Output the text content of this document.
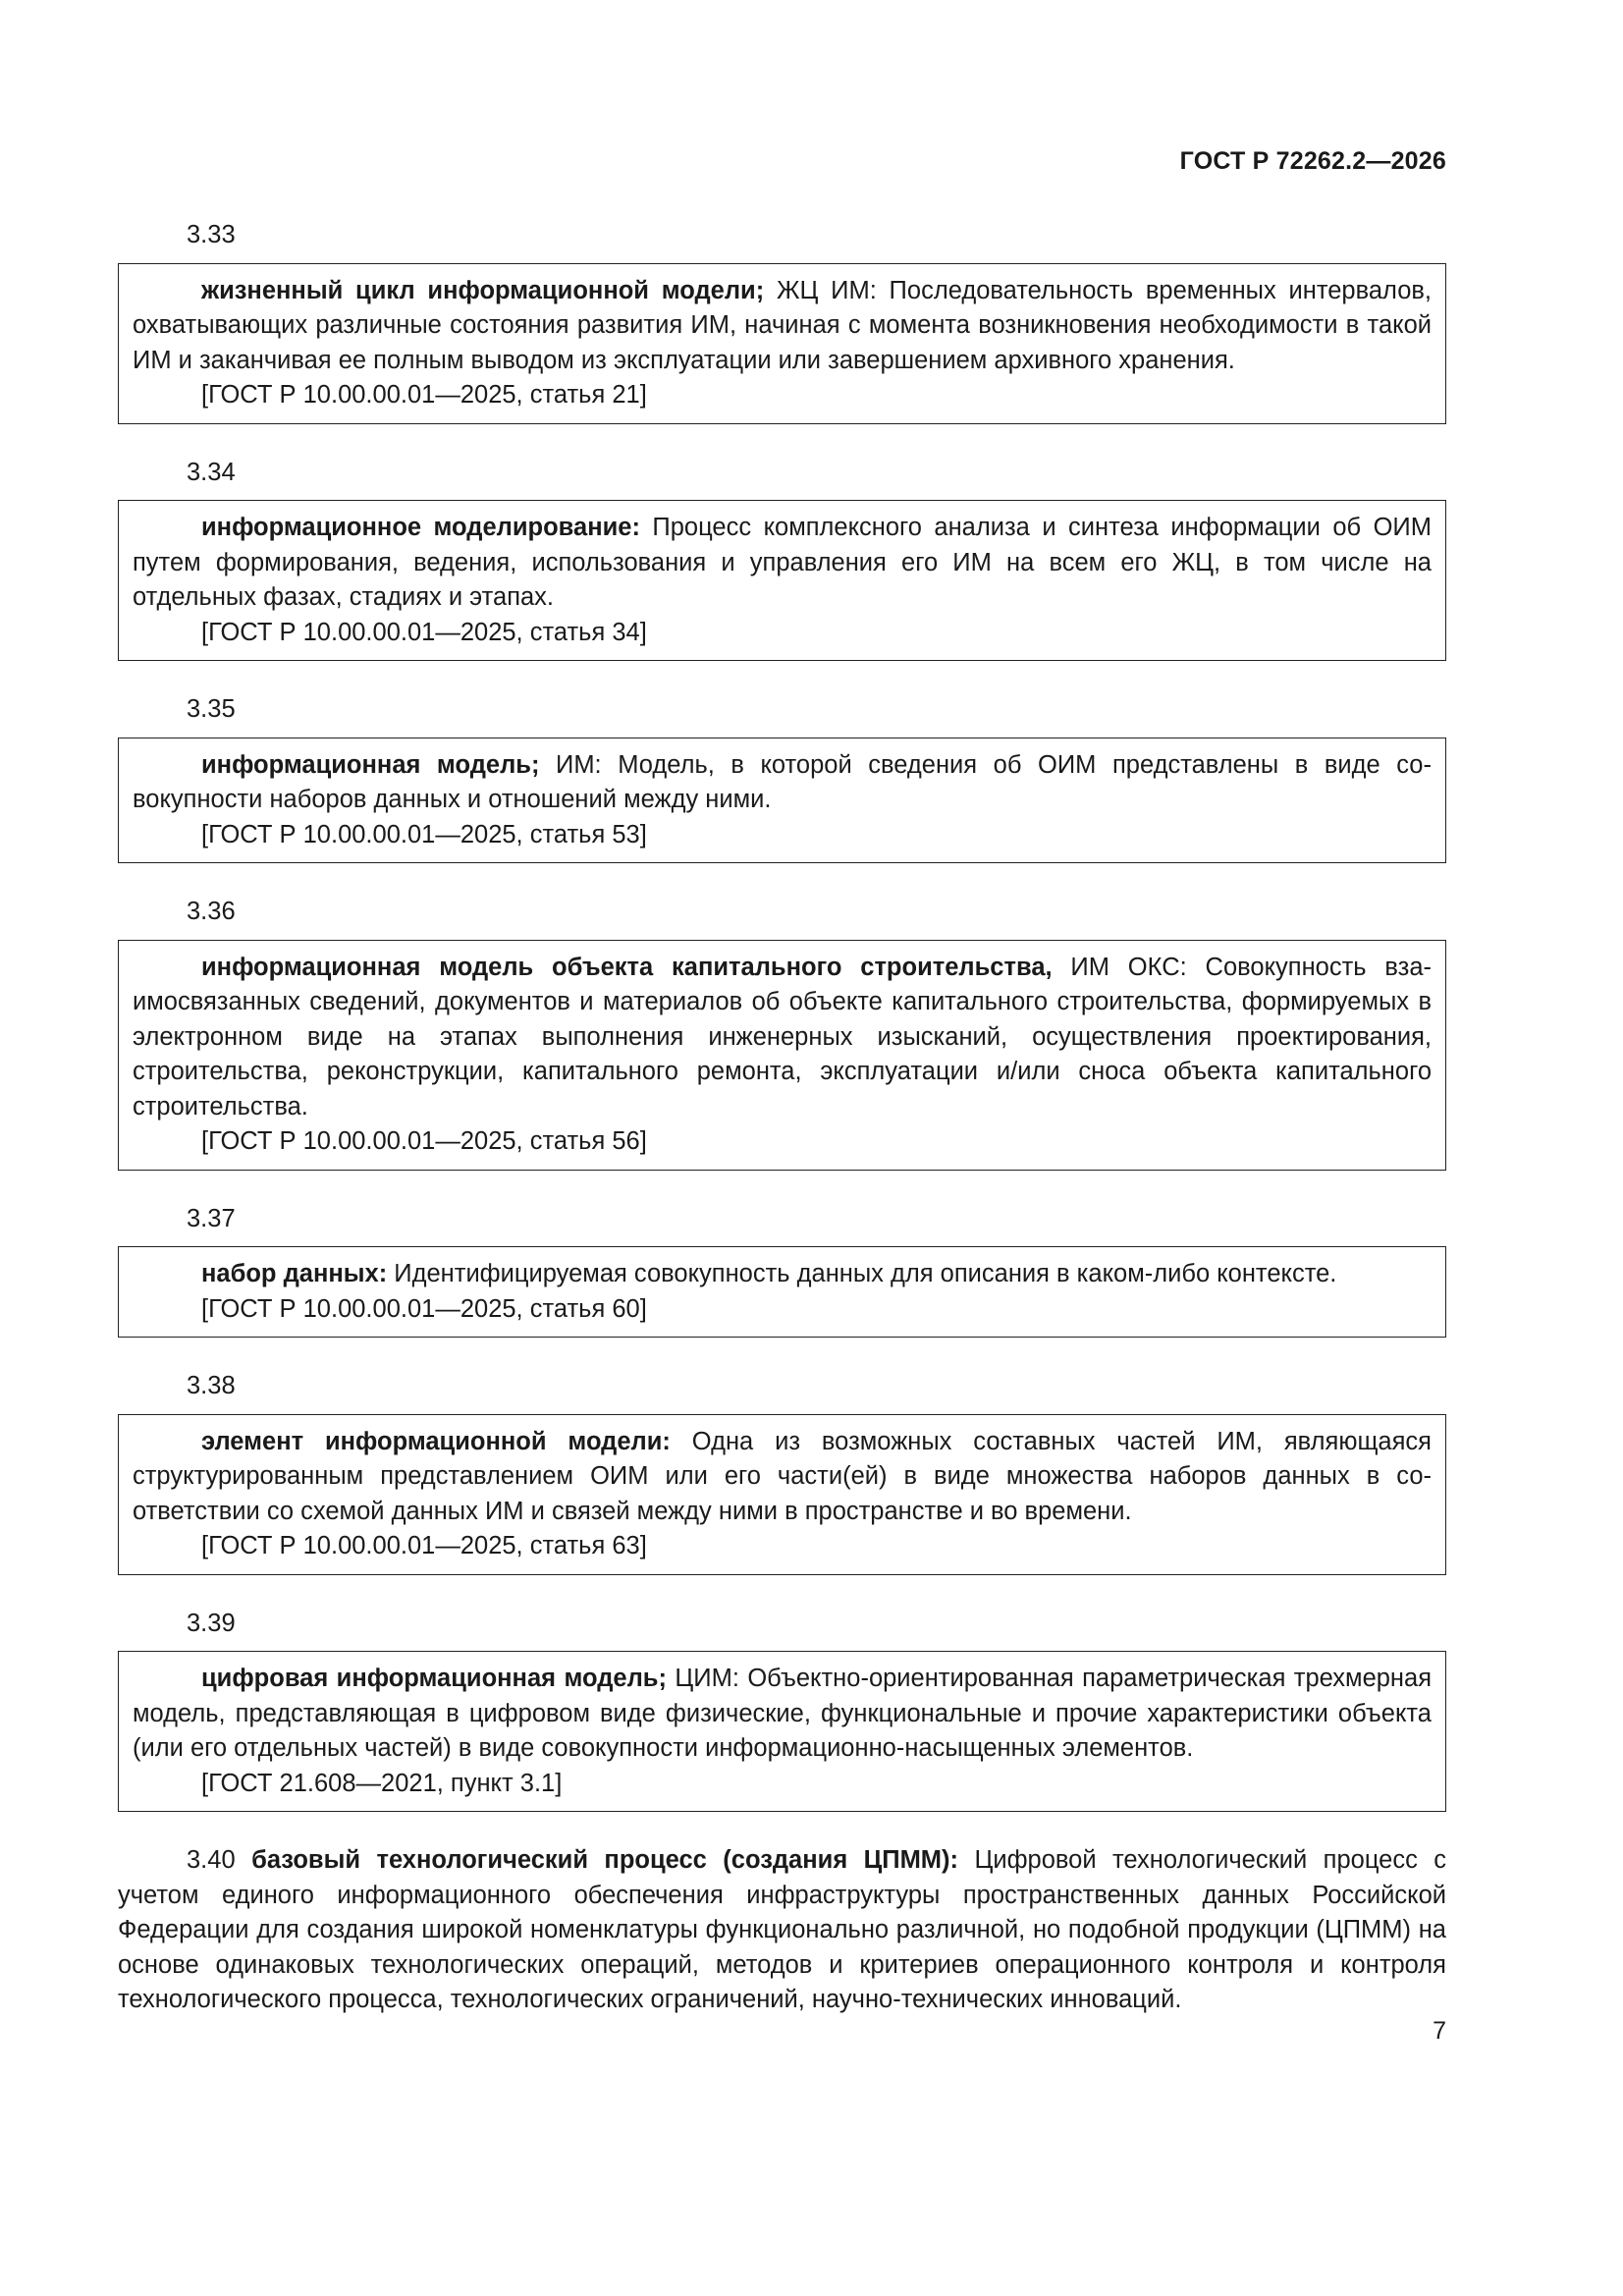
ГОСТ Р 72262.2—2026
3.33
жизненный цикл информационной модели; ЖЦ ИМ: Последовательность временных интервалов, охватывающих различные состояния развития ИМ, начиная с момента возникновения необходимости в такой ИМ и заканчивая ее полным выводом из эксплуатации или завершением архивного хранения.
[ГОСТ Р 10.00.00.01—2025, статья 21]
3.34
информационное моделирование: Процесс комплексного анализа и синтеза информации об ОИМ путем формирования, ведения, использования и управления его ИМ на всем его ЖЦ, в том числе на отдельных фазах, стадиях и этапах.
[ГОСТ Р 10.00.00.01—2025, статья 34]
3.35
информационная модель; ИМ: Модель, в которой сведения об ОИМ представлены в виде совокупности наборов данных и отношений между ними.
[ГОСТ Р 10.00.00.01—2025, статья 53]
3.36
информационная модель объекта капитального строительства, ИМ ОКС: Совокупность взаимосвязанных сведений, документов и материалов об объекте капитального строительства, формируемых в электронном виде на этапах выполнения инженерных изысканий, осуществления проектирования, строительства, реконструкции, капитального ремонта, эксплуатации и/или сноса объекта капитального строительства.
[ГОСТ Р 10.00.00.01—2025, статья 56]
3.37
набор данных: Идентифицируемая совокупность данных для описания в каком-либо контексте.
[ГОСТ Р 10.00.00.01—2025, статья 60]
3.38
элемент информационной модели: Одна из возможных составных частей ИМ, являющаяся структурированным представлением ОИМ или его части(ей) в виде множества наборов данных в соответствии со схемой данных ИМ и связей между ними в пространстве и во времени.
[ГОСТ Р 10.00.00.01—2025, статья 63]
3.39
цифровая информационная модель; ЦИМ: Объектно-ориентированная параметрическая трехмерная модель, представляющая в цифровом виде физические, функциональные и прочие характеристики объекта (или его отдельных частей) в виде совокупности информационно-насыщенных элементов.
[ГОСТ 21.608—2021, пункт 3.1]
3.40 базовый технологический процесс (создания ЦПММ): Цифровой технологический процесс с учетом единого информационного обеспечения инфраструктуры пространственных данных Российской Федерации для создания широкой номенклатуры функционально различной, но подобной продукции (ЦПММ) на основе одинаковых технологических операций, методов и критериев операционного контроля и контроля технологического процесса, технологических ограничений, научно-технических инноваций.
7
